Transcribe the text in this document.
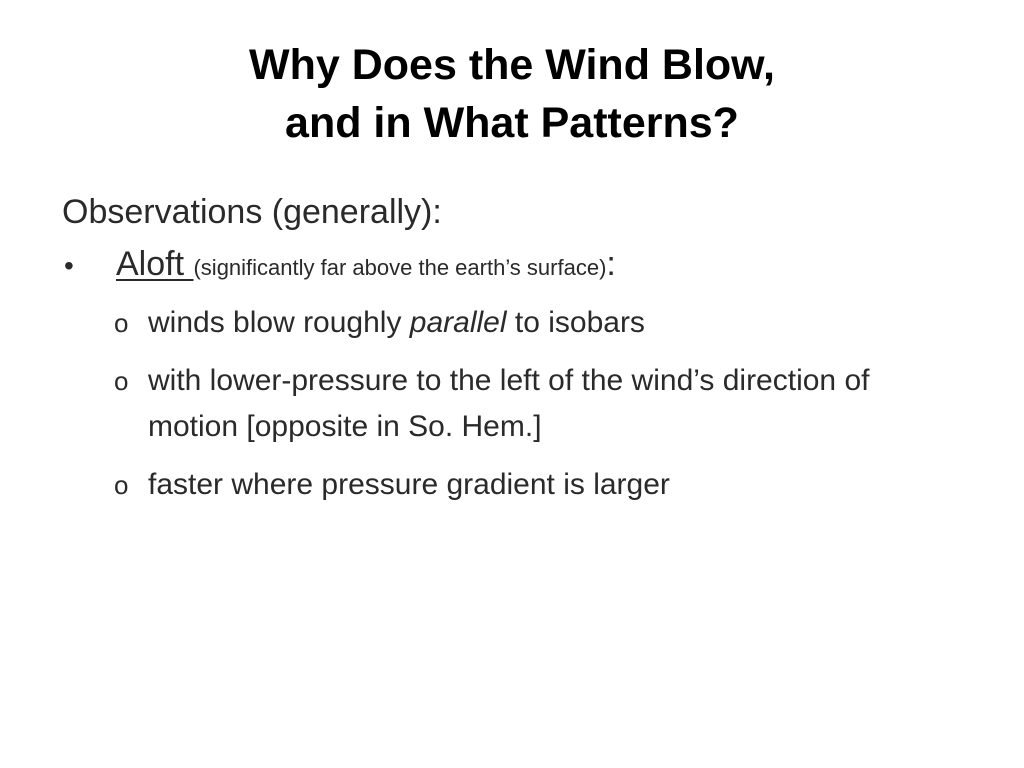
Why Does the Wind Blow,
and in What Patterns?
Observations (generally):
•	Aloft (significantly far above the earth’s surface):
o winds blow roughly parallel to isobars
o with lower-pressure to the left of the wind’s direction of motion [opposite in So. Hem.]
o faster where pressure gradient is larger
